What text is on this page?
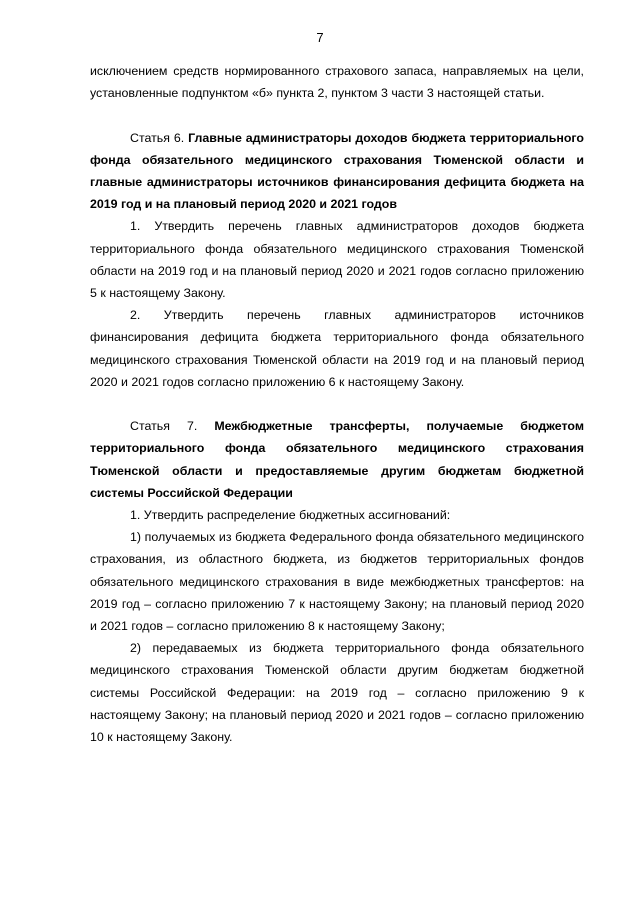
7

исключением средств нормированного страхового запаса, направляемых на цели, установленные подпунктом «б» пункта 2, пунктом 3 части 3 настоящей статьи.

Статья 6. Главные администраторы доходов бюджета территориального фонда обязательного медицинского страхования Тюменской области и главные администраторы источников финансирования дефицита бюджета на 2019 год и на плановый период 2020 и 2021 годов

1. Утвердить перечень главных администраторов доходов бюджета территориального фонда обязательного медицинского страхования Тюменской области на 2019 год и на плановый период 2020 и 2021 годов согласно приложению 5 к настоящему Закону.

2. Утвердить перечень главных администраторов источников финансирования дефицита бюджета территориального фонда обязательного медицинского страхования Тюменской области на 2019 год и на плановый период 2020 и 2021 годов согласно приложению 6 к настоящему Закону.

Статья 7. Межбюджетные трансферты, получаемые бюджетом территориального фонда обязательного медицинского страхования Тюменской области и предоставляемые другим бюджетам бюджетной системы Российской Федерации

1. Утвердить распределение бюджетных ассигнований:

1) получаемых из бюджета Федерального фонда обязательного медицинского страхования, из областного бюджета, из бюджетов территориальных фондов обязательного медицинского страхования в виде межбюджетных трансфертов: на 2019 год – согласно приложению 7 к настоящему Закону; на плановый период 2020 и 2021 годов – согласно приложению 8 к настоящему Закону;

2) передаваемых из бюджета территориального фонда обязательного медицинского страхования Тюменской области другим бюджетам бюджетной системы Российской Федерации: на 2019 год – согласно приложению 9 к настоящему Закону; на плановый период 2020 и 2021 годов – согласно приложению 10 к настоящему Закону.
